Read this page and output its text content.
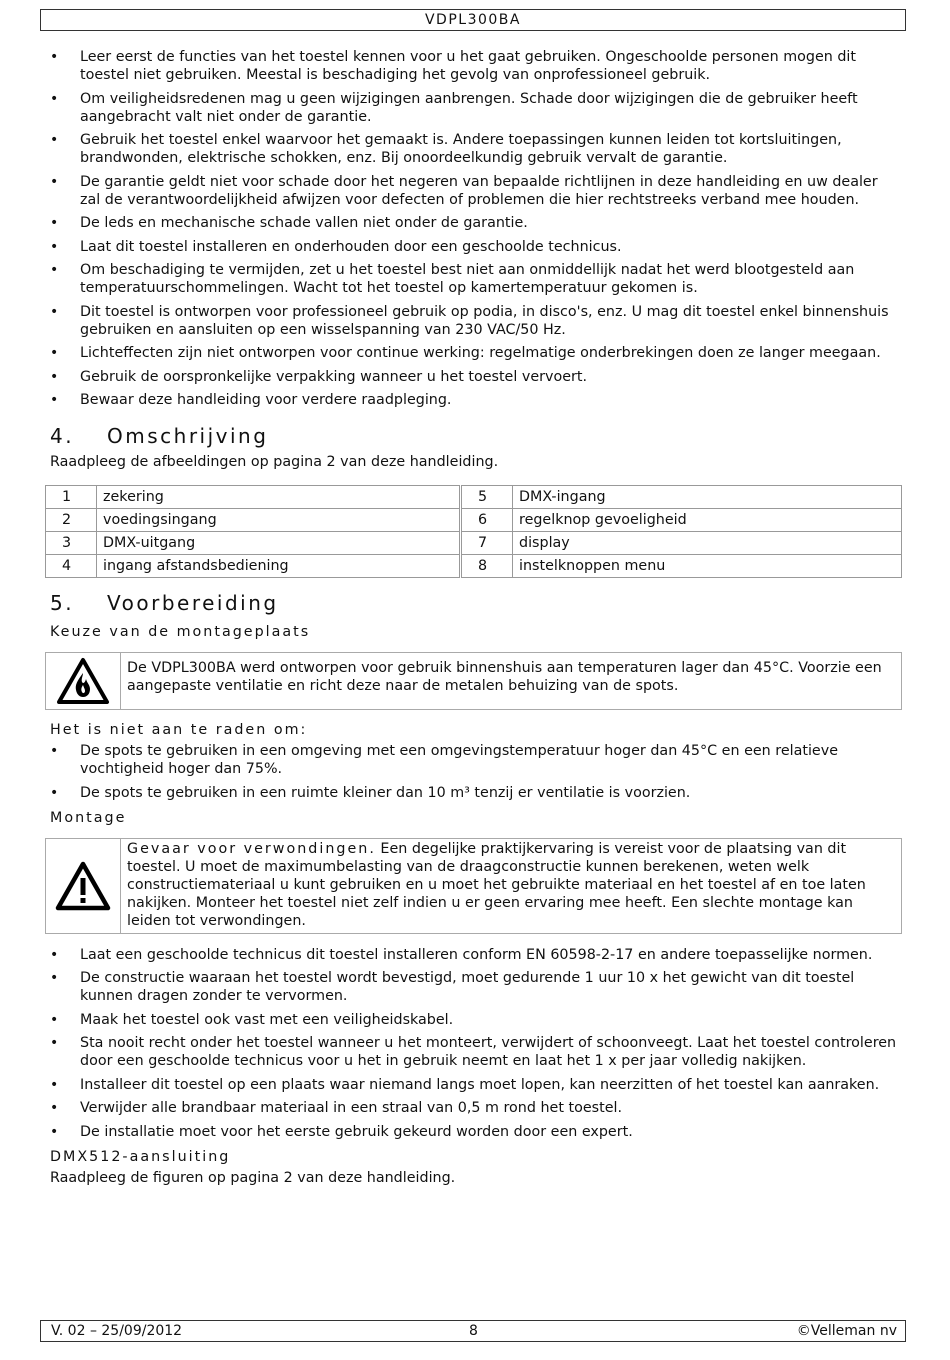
VDPL300BA
• Leer eerst de functies van het toestel kennen voor u het gaat gebruiken. Ongeschoolde personen mogen dit toestel niet gebruiken. Meestal is beschadiging het gevolg van onprofessioneel gebruik.
• Om veiligheidsredenen mag u geen wijzigingen aanbrengen. Schade door wijzigingen die de gebruiker heeft aangebracht valt niet onder de garantie.
• Gebruik het toestel enkel waarvoor het gemaakt is. Andere toepassingen kunnen leiden tot kortsluitingen, brandwonden, elektrische schokken, enz. Bij onoordeelkundig gebruik vervalt de garantie.
• De garantie geldt niet voor schade door het negeren van bepaalde richtlijnen in deze handleiding en uw dealer zal de verantwoordelijkheid afwijzen voor defecten of problemen die hier rechtstreeks verband mee houden.
• De leds en mechanische schade vallen niet onder de garantie.
• Laat dit toestel installeren en onderhouden door een geschoolde technicus.
• Om beschadiging te vermijden, zet u het toestel best niet aan onmiddellijk nadat het werd blootgesteld aan temperatuurschommelingen. Wacht tot het toestel op kamertemperatuur gekomen is.
• Dit toestel is ontworpen voor professioneel gebruik op podia, in disco's, enz. U mag dit toestel enkel binnenshuis gebruiken en aansluiten op een wisselspanning van 230 VAC/50 Hz.
• Lichteffecten zijn niet ontworpen voor continue werking: regelmatige onderbrekingen doen ze langer meegaan.
• Gebruik de oorspronkelijke verpakking wanneer u het toestel vervoert.
• Bewaar deze handleiding voor verdere raadpleging.
4. Omschrijving
Raadpleeg de afbeeldingen op pagina 2 van deze handleiding.
1	zekering	5	DMX-ingang
2	voedingsingang	6	regelknop gevoeligheid
3	DMX-uitgang	7	display
4	ingang afstandsbediening	8	instelknoppen menu
5. Voorbereiding
Keuze van de montageplaats
De VDPL300BA werd ontworpen voor gebruik binnenshuis aan temperaturen lager dan 45°C. Voorzie een aangepaste ventilatie en richt deze naar de metalen behuizing van de spots.
Het is niet aan te raden om:
• De spots te gebruiken in een omgeving met een omgevingstemperatuur hoger dan 45°C en een relatieve vochtigheid hoger dan 75%.
• De spots te gebruiken in een ruimte kleiner dan 10 m³ tenzij er ventilatie is voorzien.
Montage
Gevaar voor verwondingen. Een degelijke praktijkervaring is vereist voor de plaatsing van dit toestel. U moet de maximumbelasting van de draagconstructie kunnen berekenen, weten welk constructiemateriaal u kunt gebruiken en u moet het gebruikte materiaal en het toestel af en toe laten nakijken. Monteer het toestel niet zelf indien u er geen ervaring mee heeft. Een slechte montage kan leiden tot verwondingen.
• Laat een geschoolde technicus dit toestel installeren conform EN 60598-2-17 en andere toepasselijke normen.
• De constructie waaraan het toestel wordt bevestigd, moet gedurende 1 uur 10 x het gewicht van dit toestel kunnen dragen zonder te vervormen.
• Maak het toestel ook vast met een veiligheidskabel.
• Sta nooit recht onder het toestel wanneer u het monteert, verwijdert of schoonveegt. Laat het toestel controleren door een geschoolde technicus voor u het in gebruik neemt en laat het 1 x per jaar volledig nakijken.
• Installeer dit toestel op een plaats waar niemand langs moet lopen, kan neerzitten of het toestel kan aanraken.
• Verwijder alle brandbaar materiaal in een straal van 0,5 m rond het toestel.
• De installatie moet voor het eerste gebruik gekeurd worden door een expert.
DMX512-aansluiting
Raadpleeg de figuren op pagina 2 van deze handleiding.
V. 02 – 25/09/2012	8	©Velleman nv
